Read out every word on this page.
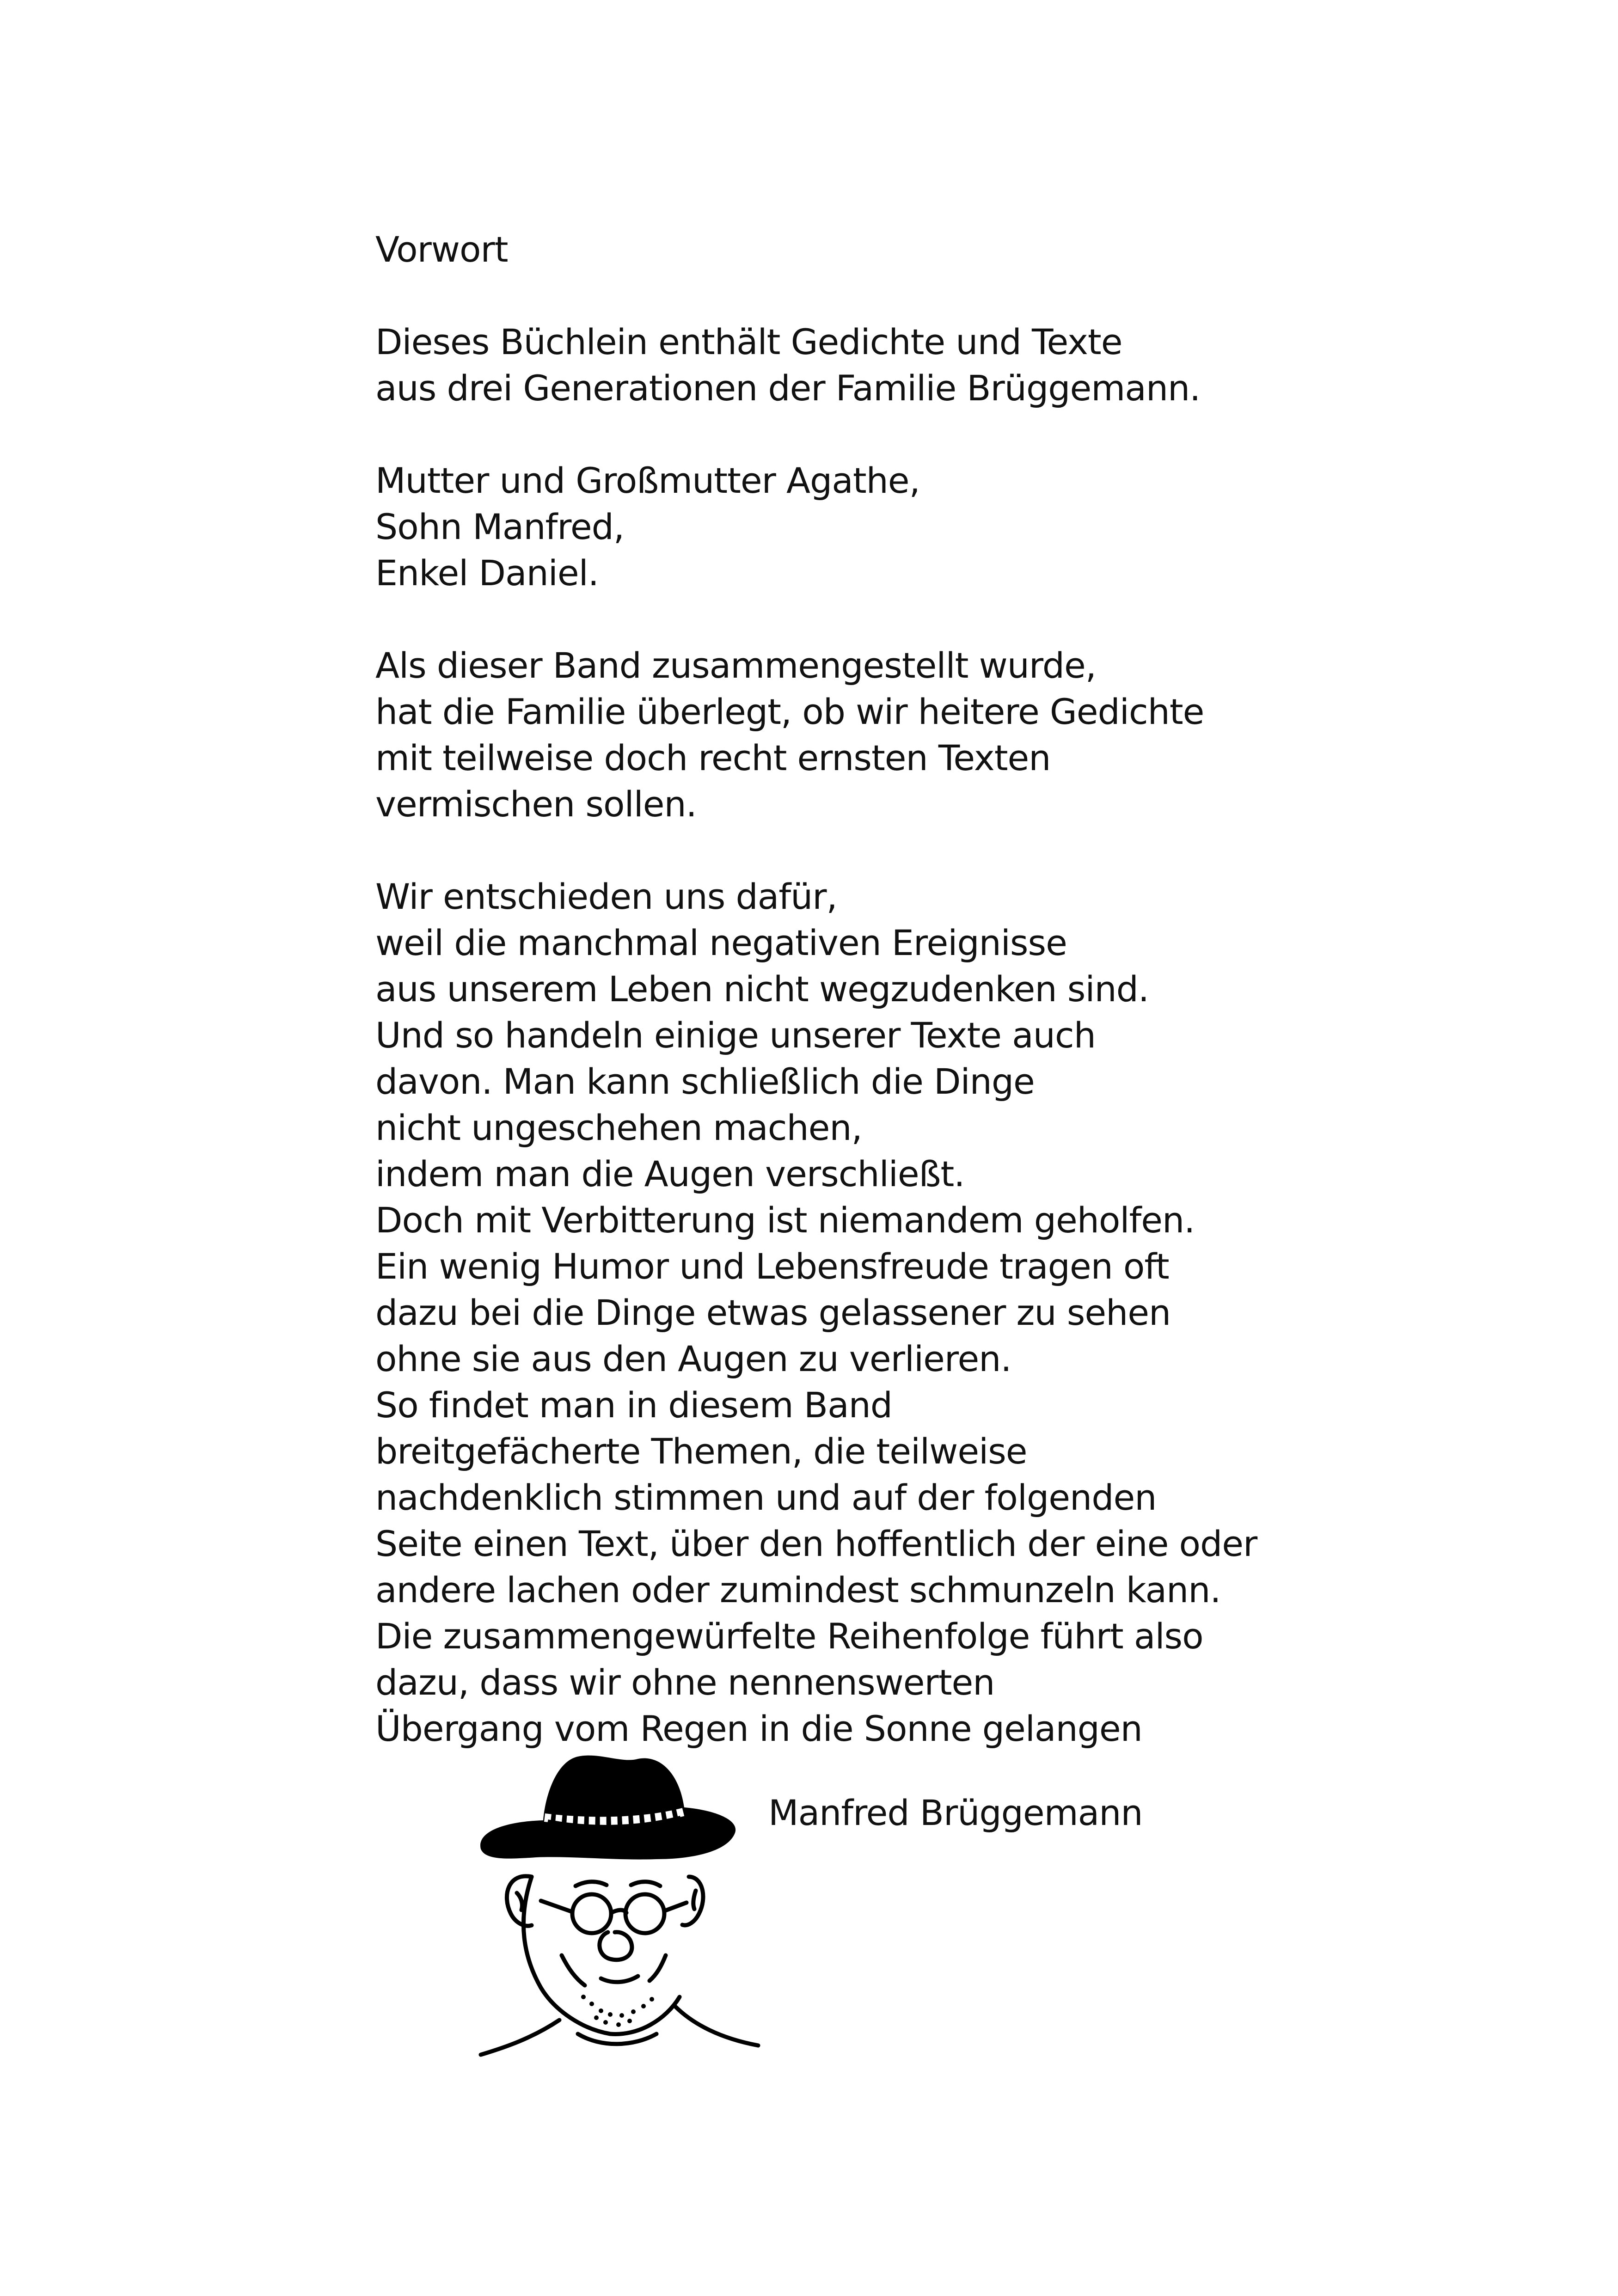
Vorwort
Dieses Büchlein enthält Gedichte und Texte
aus drei Generationen der Familie Brüggemann.
Mutter und Großmutter Agathe,
Sohn Manfred,
Enkel Daniel.
Als dieser Band zusammengestellt wurde,
hat die Familie überlegt, ob wir heitere Gedichte
mit teilweise doch recht ernsten Texten
vermischen sollen.
Wir entschieden uns dafür,
weil die manchmal negativen Ereignisse
aus unserem Leben nicht wegzudenken sind.
Und so handeln einige unserer Texte auch
davon. Man kann schließlich die Dinge
nicht ungeschehen machen,
indem man die Augen verschließt.
Doch mit Verbitterung ist niemandem geholfen.
Ein wenig Humor und Lebensfreude tragen oft
dazu bei die Dinge etwas gelassener zu sehen
ohne sie aus den Augen zu verlieren.
So findet man in diesem Band
breitgefächerte Themen, die teilweise
nachdenklich stimmen und auf der folgenden
Seite einen Text, über den hoffentlich der eine oder
andere lachen oder zumindest schmunzeln kann.
Die zusammengewürfelte Reihenfolge führt also
dazu, dass wir ohne nennenswerten
Übergang vom Regen in die Sonne gelangen
Manfred Brüggemann
